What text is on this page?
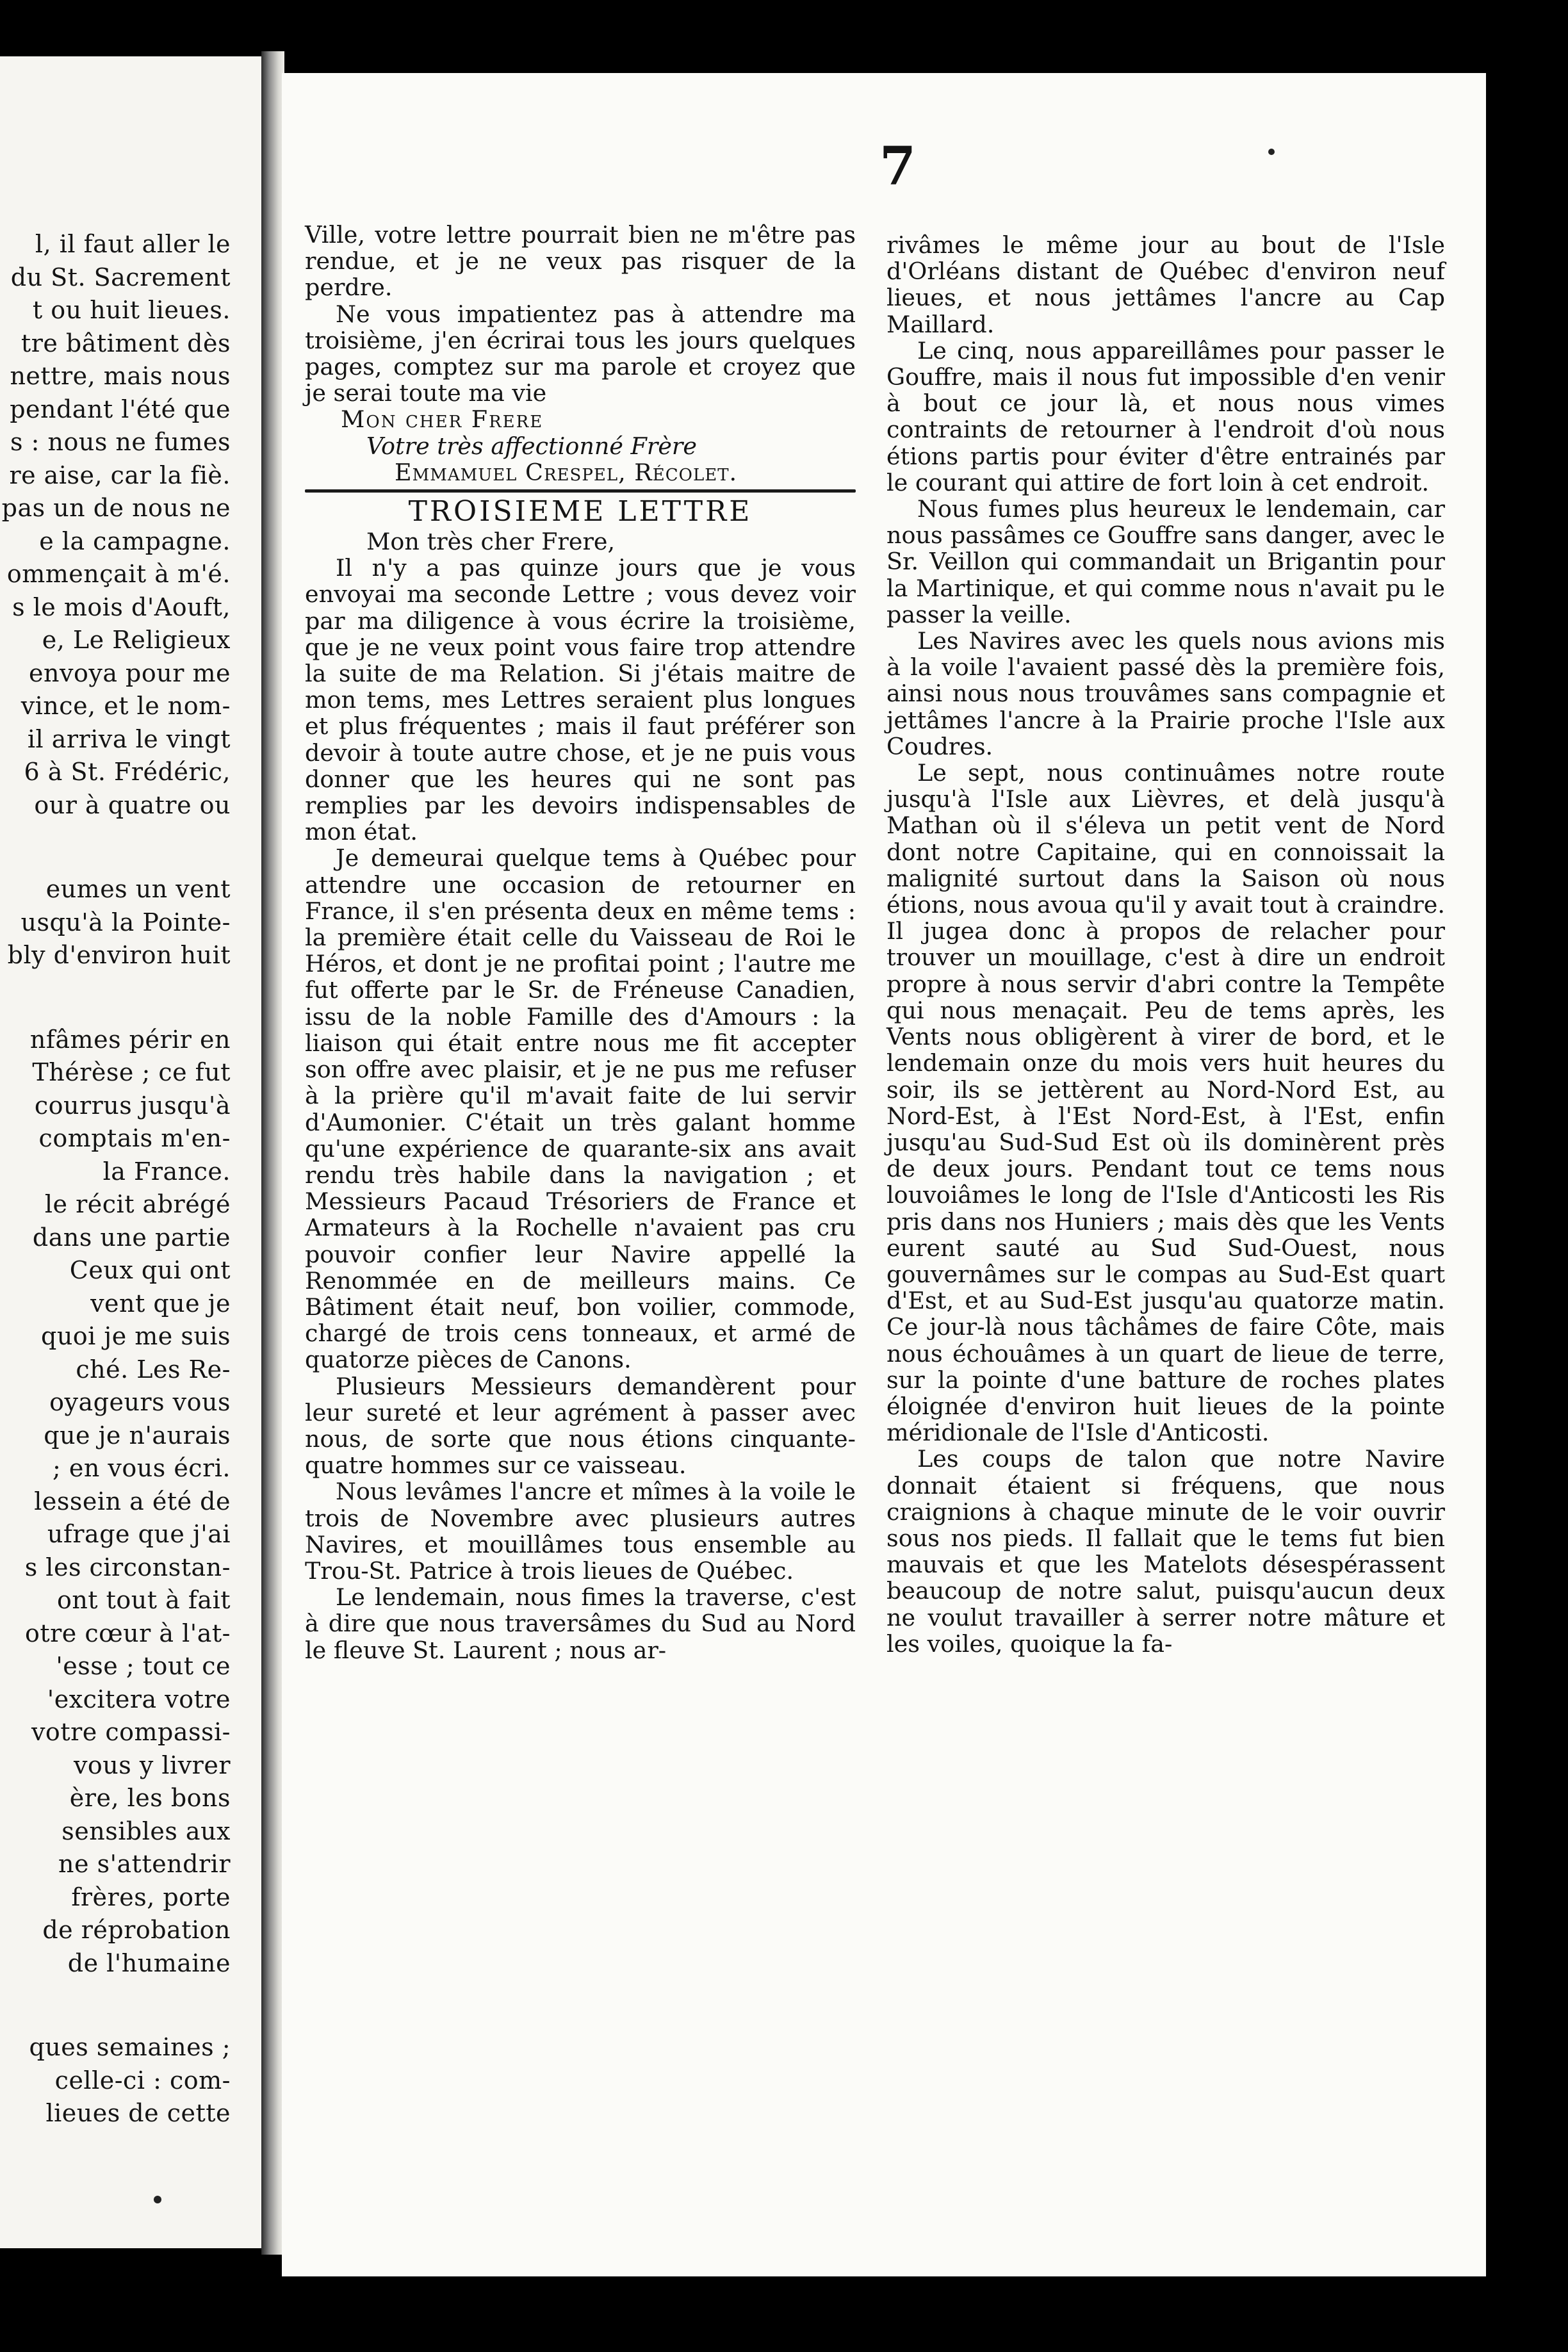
l, il faut aller le
du St. Sacrement
t ou huit lieues.
tre bâtiment dès
nettre, mais nous
pendant l'été que
s : nous ne fumes
re aise, car la fiè.
pas un de nous ne
e la campagne.
ommençait à m'é.
s le mois d'Aouft,
e, Le Religieux
envoya pour me
vince, et le nom-
il arriva le vingt
6 à St. Frédéric,
our à quatre ou
eumes un vent
usqu'à la Pointe-
bly d'environ huit
nfâmes périr en
Thérèse ; ce fut
courrus jusqu'à
comptais m'en-
la France.
le récit abrégé
dans une partie
Ceux qui ont
vent que je
quoi je me suis
ché. Les Re-
oyageurs vous
que je n'aurais
; en vous écri.
lessein a été de
ufrage que j'ai
s les circonstan-
ont tout à fait
otre cœur à l'at-
'esse ; tout ce
'exciterа votre
votre compassi-
vous y livrer
ère, les bons
sensibles aux
ne s'attendrir
frères, porte
de réprobation
de l'humaine
ques semaines ;
celle-ci : com-
lieues de cette
7

Ville, votre lettre pourrait bien ne m'être pas rendue, et je ne veux pas risquer de la perdre.

Ne vous impatientez pas à attendre ma troisième, j'en écrirai tous les jours quelques pages, comptez sur ma parole et croyez que je serai toute ma vie

Mon cher Frere

Votre très affectionné Frère

Emmamuel Crespel, Récolet.

TROISIEME LETTRE

Mon très cher Frere,

Il n'y a pas quinze jours que je vous envoyai ma seconde Lettre ; vous devez voir par ma diligence à vous écrire la troisième, que je ne veux point vous faire trop attendre la suite de ma Relation. Si j'étais maitre de mon tems, mes Lettres seraient plus longues et plus fréquentes ; mais il faut préférer son devoir à toute autre chose, et je ne puis vous donner que les heures qui ne sont pas remplies par les devoirs indispensables de mon état.

Je demeurai quelque tems à Québec pour attendre une occasion de retourner en France, il s'en présenta deux en même tems : la première était celle du Vaisseau de Roi le Héros, et dont je ne profitai point ; l'autre me fut offerte par le Sr. de Fréneuse Canadien, issu de la noble Famille des d'Amours : la liaison qui était entre nous me fit accepter son offre avec plaisir, et je ne pus me refuser à la prière qu'il m'avait faite de lui servir d'Aumonier. C'était un très galant homme qu'une expérience de quarante-six ans avait rendu très habile dans la navigation ; et Messieurs Pacaud Trésoriers de France et Armateurs à la Rochelle n'avaient pas cru pouvoir confier leur Navire appellé la Renommée en de meilleurs mains. Ce Bâtiment était neuf, bon voilier, commode, chargé de trois cens tonneaux, et armé de quatorze pièces de Canons.

Plusieurs Messieurs demandèrent pour leur sureté et leur agrément à passer avec nous, de sorte que nous étions cinquante-quatre hommes sur ce vaisseau.

Nous levâmes l'ancre et mîmes à la voile le trois de Novembre avec plusieurs autres Navires, et mouillâmes tous ensemble au Trou-St. Patrice à trois lieues de Québec.

Le lendemain, nous fimes la traverse, c'est à dire que nous traversâmes du Sud au Nord le fleuve St. Laurent ; nous ar-

rivâmes le même jour au bout de l'Isle d'Orléans distant de Québec d'environ neuf lieues, et nous jettâmes l'ancre au Cap Maillard.

Le cinq, nous appareillâmes pour passer le Gouffre, mais il nous fut impossible d'en venir à bout ce jour là, et nous nous vimes contraints de retourner à l'endroit d'où nous étions partis pour éviter d'être entrainés par le courant qui attire de fort loin à cet endroit.

Nous fumes plus heureux le lendemain, car nous passâmes ce Gouffre sans danger, avec le Sr. Veillon qui commandait un Brigantin pour la Martinique, et qui comme nous n'avait pu le passer la veille.

Les Navires avec les quels nous avions mis à la voile l'avaient passé dès la première fois, ainsi nous nous trouvâmes sans compagnie et jettâmes l'ancre à la Prairie proche l'Isle aux Coudres.

Le sept, nous continuâmes notre route jusqu'à l'Isle aux Lièvres, et delà jusqu'à Mathan où il s'éleva un petit vent de Nord dont notre Capitaine, qui en connoissait la malignité surtout dans la Saison où nous étions, nous avoua qu'il y avait tout à craindre. Il jugea donc à propos de relacher pour trouver un mouillage, c'est à dire un endroit propre à nous servir d'abri contre la Tempête qui nous menaçait. Peu de tems après, les Vents nous obligèrent à virer de bord, et le lendemain onze du mois vers huit heures du soir, ils se jettèrent au Nord-Nord Est, au Nord-Est, à l'Est Nord-Est, à l'Est, enfin jusqu'au Sud-Sud Est où ils dominèrent près de deux jours. Pendant tout ce tems nous louvoiâmes le long de l'Isle d'Anticosti les Ris pris dans nos Huniers ; mais dès que les Vents eurent sauté au Sud Sud-Ouest, nous gouvernâmes sur le compas au Sud-Est quart d'Est, et au Sud-Est jusqu'au quatorze matin. Ce jour-là nous tâchâmes de faire Côte, mais nous échouâmes à un quart de lieue de terre, sur la pointe d'une batture de roches plates éloignée d'environ huit lieues de la pointe méridionale de l'Isle d'Anticosti.

Les coups de talon que notre Navire donnait étaient si fréquens, que nous craignions à chaque minute de le voir ouvrir sous nos pieds. Il fallait que le tems fut bien mauvais et que les Matelots désespérassent beaucoup de notre salut, puisqu'aucun deux ne voulut travailler à serrer notre mâture et les voiles, quoique la fa-
